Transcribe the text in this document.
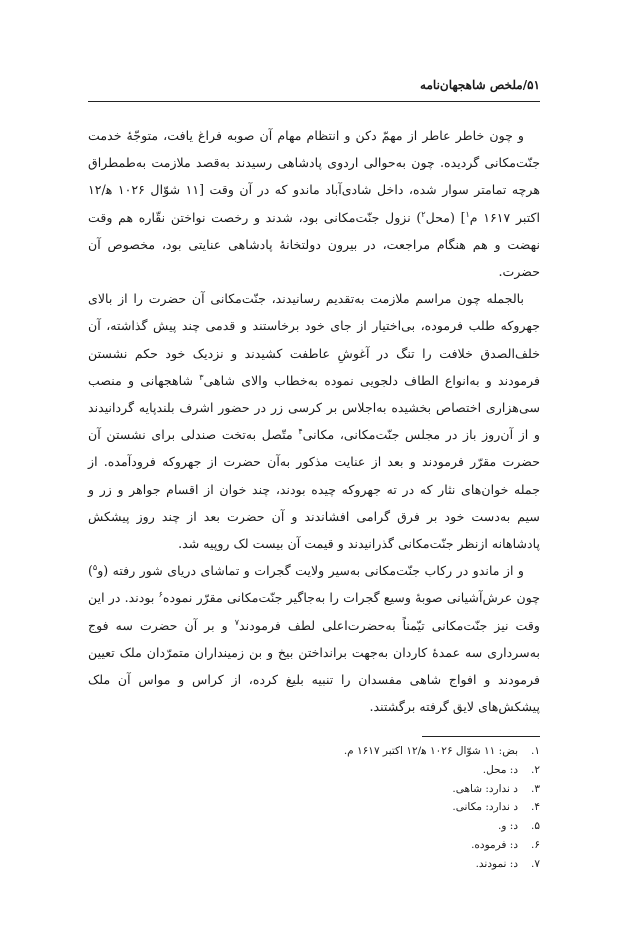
۵۱/ملخص شاهجهان‌نامه

و چون خاطر عاطر از مهمّ دکن و انتظام مهام آن صوبه فراغ یافت، متوجّهٔ خدمت جنّت‌مکانی گردیده. چون به‌حوالی اردوی پادشاهی رسیدند به‌قصد ملازمت به‌طمطراق هرچه تمامتر سوار شده، داخل شادی‌آباد ماندو که در آن وقت [۱۱ شوّال ۱۰۲۶ ه‍/۱۲ اکتبر ۱۶۱۷ م$^۱$] (محل$^۲$) نزول جنّت‌مکانی بود، شدند و رخصت نواختن نقّاره هم وقت نهضت و هم هنگام مراجعت، در بیرون دولتخانهٔ پادشاهی عنایتی بود، مخصوص آن حضرت.

بالجمله چون مراسم ملازمت به‌تقدیم رسانیدند، جنّت‌مکانی آن حضرت را از بالای جهروکه طلب فرموده، بی‌اختیار از جای خود برخاستند و قدمی چند پیش گذاشته، آن خلف‌الصدق خلافت را تنگ در آغوشِ عاطفت کشیدند و نزدیک خود حکم نشستن فرمودند و به‌انواع الطاف دلجویی نموده به‌خطاب والای شاهی$^۳$ شاهجهانی و منصب سی‌هزاری اختصاص بخشیده به‌اجلاس بر کرسی زر در حضور اشرف بلندپایه گردانیدند و از آن‌روز باز در مجلس جنّت‌مکانی، مکانی$^۴$ متّصل به‌تخت صندلی برای نشستن آن حضرت مقرّر فرمودند و بعد از عنایت مذکور به‌آن حضرت از جهروکه فرودآمده. از جمله خوان‌های نثار که در ته جهروکه چیده بودند، چند خوان از اقسام جواهر و زر و سیم به‌دست خود بر فرق گرامی افشاندند و آن حضرت بعد از چند روز پیشکش پادشاهانه ازنظر جنّت‌مکانی گذرانیدند و قیمت آن بیست لک روپیه شد.

و از ماندو در رکاب جنّت‌مکانی به‌سیر ولایت گجرات و تماشای دریای شور رفته (و$^۵$) چون عرش‌آشیانی صوبهٔ وسیع گجرات را به‌جاگیر جنّت‌مکانی مقرّر نموده$^۶$ بودند. در این وقت نیز جنّت‌مکانی تیّمناً به‌حضرت‌اعلی لطف فرمودند$^۷$ و بر آن حضرت سه فوج به‌سرداری سه عمدهٔ کاردان به‌جهت برانداختن بیخ و بن زمینداران متمرّدان ملک تعیین فرمودند و افواج شاهی مفسدان را تنبیه بلیغ کرده، از کراس و مواس آن ملک پیشکش‌های لایق گرفته برگشتند.

۱.
بض: ۱۱ شوّال ۱۰۲۶ ه‍/۱۲ اکتبر ۱۶۱۷ م.
۲.
د: محل.
۳.
د ندارد: شاهی.
۴.
د ندارد: مکانی.
۵.
د: و.
۶.
د: فرموده.
۷.
د: نمودند.
